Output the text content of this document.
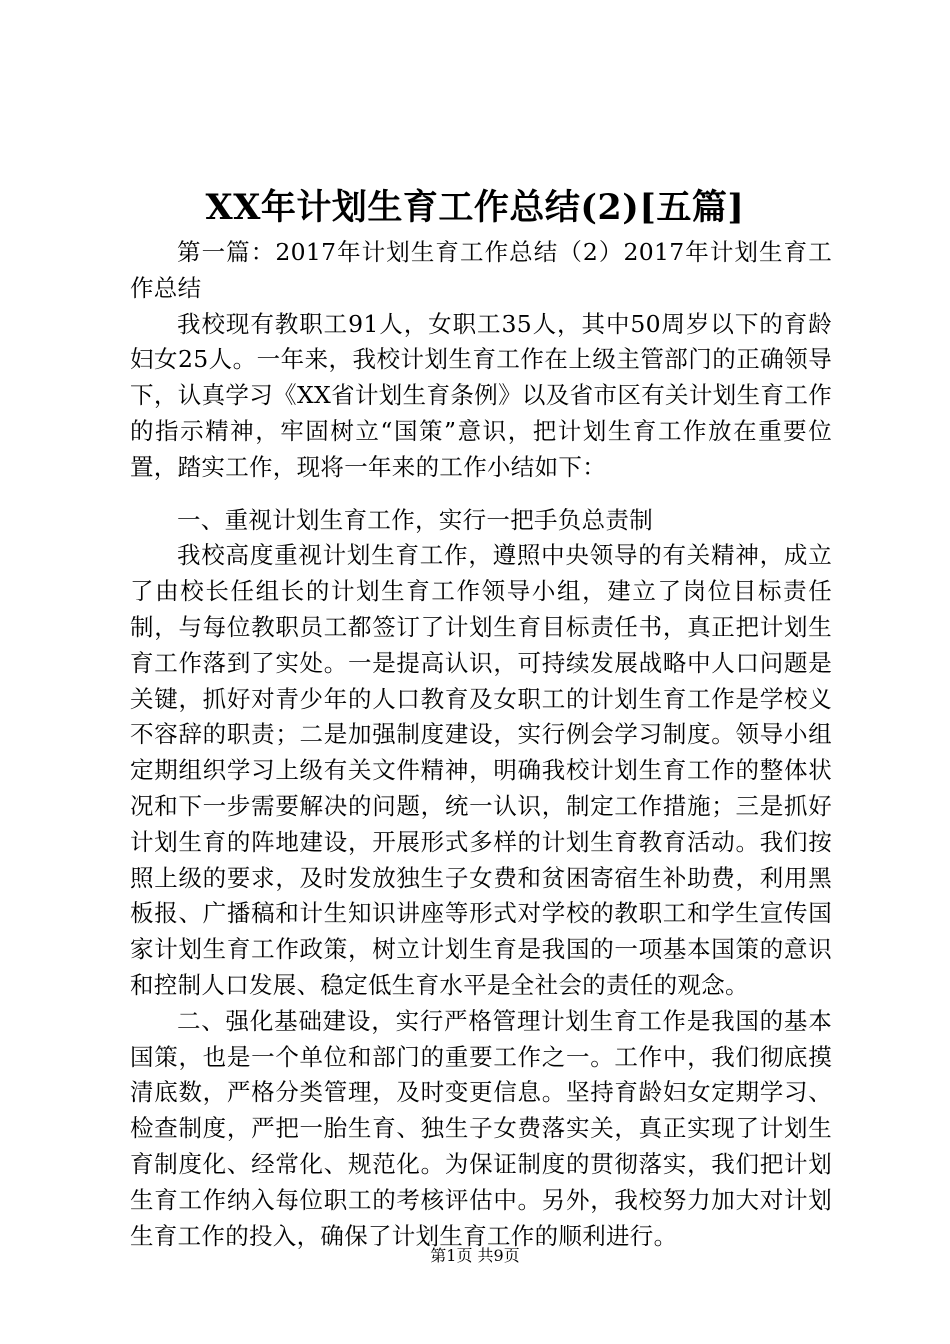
XX年计划生育工作总结(2)[五篇]

第一篇：2017年计划生育工作总结（2）2017年计划生育工作总结

我校现有教职工91人，女职工35人，其中50周岁以下的育龄妇女25人。一年来，我校计划生育工作在上级主管部门的正确领导下，认真学习《XX省计划生育条例》以及省市区有关计划生育工作的指示精神，牢固树立“国策”意识，把计划生育工作放在重要位置，踏实工作，现将一年来的工作小结如下：

一、重视计划生育工作，实行一把手负总责制

我校高度重视计划生育工作，遵照中央领导的有关精神，成立了由校长任组长的计划生育工作领导小组，建立了岗位目标责任制，与每位教职员工都签订了计划生育目标责任书，真正把计划生育工作落到了实处。一是提高认识，可持续发展战略中人口问题是关键，抓好对青少年的人口教育及女职工的计划生育工作是学校义不容辞的职责；二是加强制度建设，实行例会学习制度。领导小组定期组织学习上级有关文件精神，明确我校计划生育工作的整体状况和下一步需要解决的问题，统一认识，制定工作措施；三是抓好计划生育的阵地建设，开展形式多样的计划生育教育活动。我们按照上级的要求，及时发放独生子女费和贫困寄宿生补助费，利用黑板报、广播稿和计生知识讲座等形式对学校的教职工和学生宣传国家计划生育工作政策，树立计划生育是我国的一项基本国策的意识和控制人口发展、稳定低生育水平是全社会的责任的观念。

二、强化基础建设，实行严格管理计划生育工作是我国的基本国策，也是一个单位和部门的重要工作之一。工作中，我们彻底摸清底数，严格分类管理，及时变更信息。坚持育龄妇女定期学习、检查制度，严把一胎生育、独生子女费落实关，真正实现了计划生育制度化、经常化、规范化。为保证制度的贯彻落实，我们把计划生育工作纳入每位职工的考核评估中。另外，我校努力加大对计划生育工作的投入，确保了计划生育工作的顺利进行。

第1页 共9页
